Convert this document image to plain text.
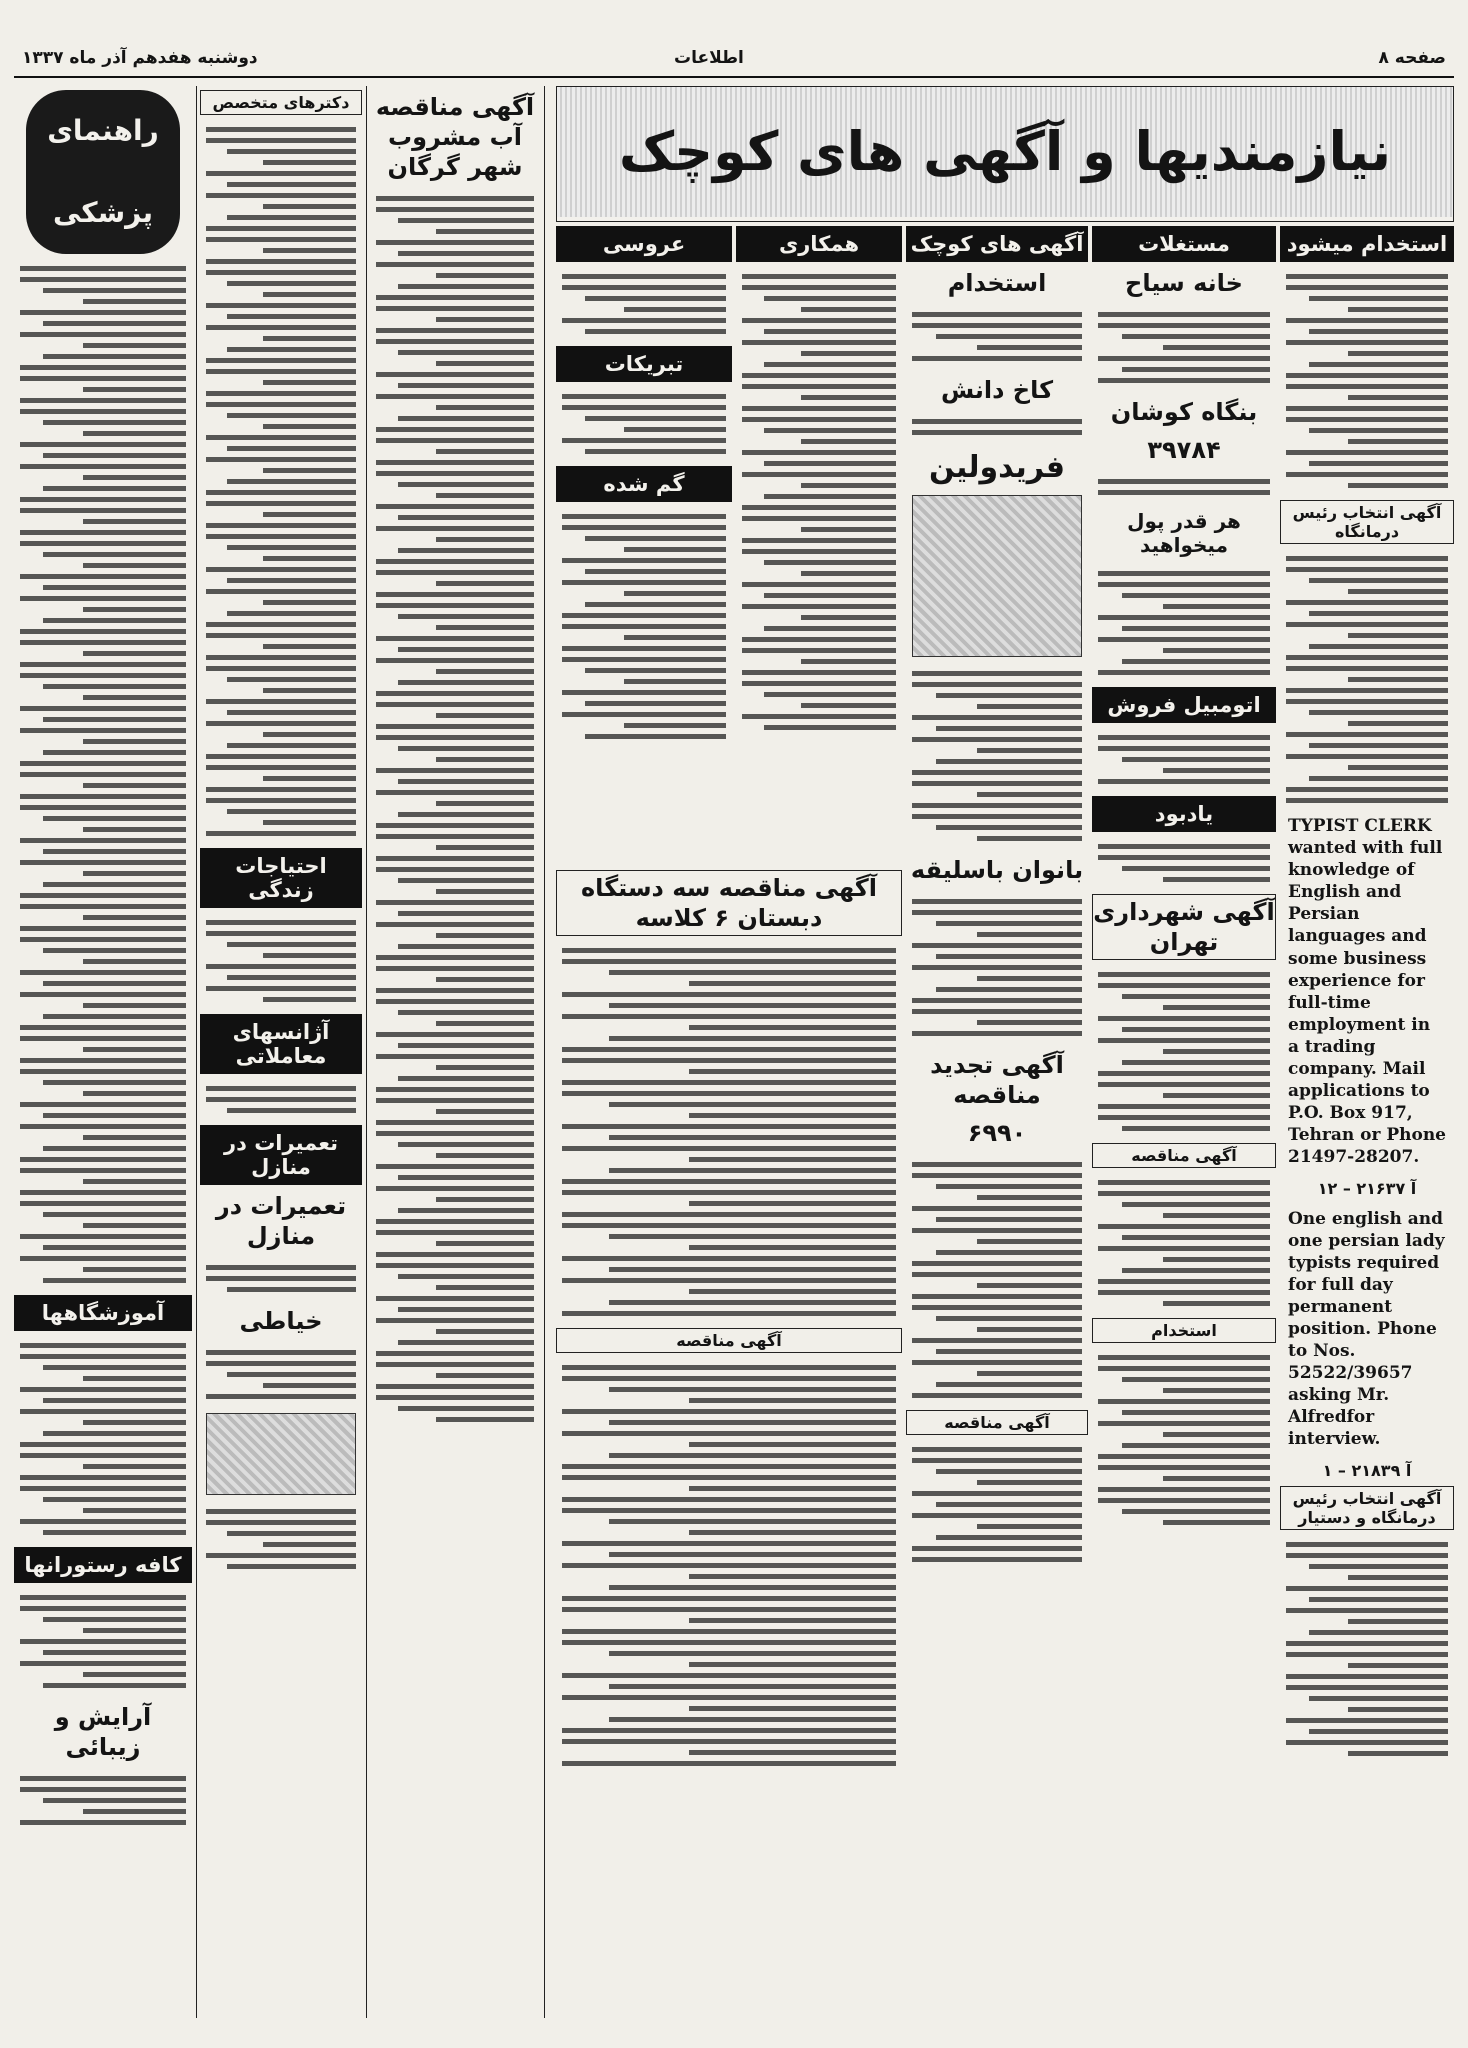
صفحه ۸
اطلاعات
دوشنبه هفدهم آذر ماه ۱۳۳۷
نیازمندیها و آگهی های کوچک
استخدام میشود
آگهی انتخاب رئیس درمانگاه
TYPIST CLERK wanted with full knowledge of English and Persian languages and some business experience for full-time employment in a trading company. Mail applications to P.O. Box 917, Tehran or Phone 21497-28207.
آ ۲۱۶۳۷ – ۱۲
One english and one persian lady typists required for full day permanent position. Phone to Nos. 52522/39657 asking Mr. Alfredfor interview.
آ ۲۱۸۳۹ – ۱
آگهی انتخاب رئیس درمانگاه و دستیار
مستغلات
خانه سیاح
بنگاه کوشان
۳۹۷۸۴
هر قدر پول میخواهید
اتومبیل فروش
یادبود
آگهی شهرداری تهران
آگهی مناقصه
استخدام
آگهی های کوچک
استخدام
کاخ دانش
فریدولین
بانوان باسلیقه
آگهی تجدید مناقصه
۶۹۹۰
آگهی مناقصه
همکاری
عروسی
تبریکات
گم شده
آگهی مناقصه سه دستگاه دبستان ۶ کلاسه
آگهی مناقصه
آگهی مناقصه آب مشروب شهر گرگان
دکترهای متخصص
احتیاجات زندگی
آژانسهای معاملاتی
تعمیرات در منازل
تعمیرات در منازل
خیاطی
راهنمای پزشکی
آموزشگاهها
کافه رستورانها
آرایش و زیبائی
